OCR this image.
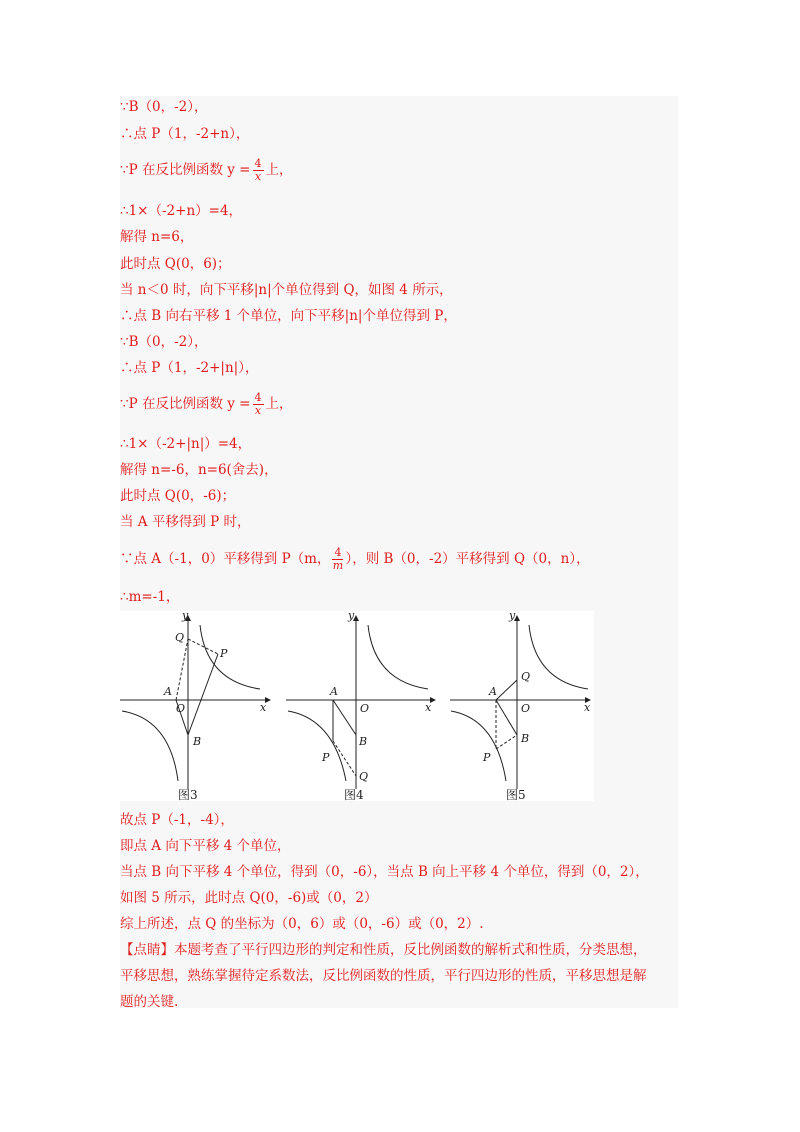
∵B（0，-2），
∴点 P（1，-2+n），
∵P 在反比例函数 $y = \frac{4}{x}$ 上，
∴1×（-2+n）=4，
解得 n=6，
此时点 Q(0，6)；
当 n＜0 时，向下平移|n|个单位得到 Q，如图 4 所示，
∴点 B 向右平移 1 个单位，向下平移|n|个单位得到 P，
∵B（0，-2），
∴点 P（1，-2+|n|），
∵P 在反比例函数 $y = \frac{4}{x}$ 上，
∴1×（-2+|n|）=4，
解得 n=-6，n=6(舍去)，
此时点 Q(0，-6)；
当 A 平移得到 P 时，
∵点 A（-1，0）平移得到 P（m， $\frac{4}{m}$ ），则 B（0，-2）平移得到 Q（0，n），
∴m=-1，
y
x
Q
P
A
O
B
图3
y
x
A
O
B
P
Q
图4
y
x
Q
A
O
B
P
图5
故点 P（-1，-4），
即点 A 向下平移 4 个单位，
当点 B 向下平移 4 个单位，得到（0，-6），当点 B 向上平移 4 个单位，得到（0，2），
如图 5 所示，此时点 Q(0，-6)或（0，2）
综上所述，点 Q 的坐标为（0，6）或（0，-6）或（0，2）.
【点睛】本题考查了平行四边形的判定和性质，反比例函数的解析式和性质，分类思想，
平移思想，熟练掌握待定系数法，反比例函数的性质，平行四边形的性质，平移思想是解
题的关键.
